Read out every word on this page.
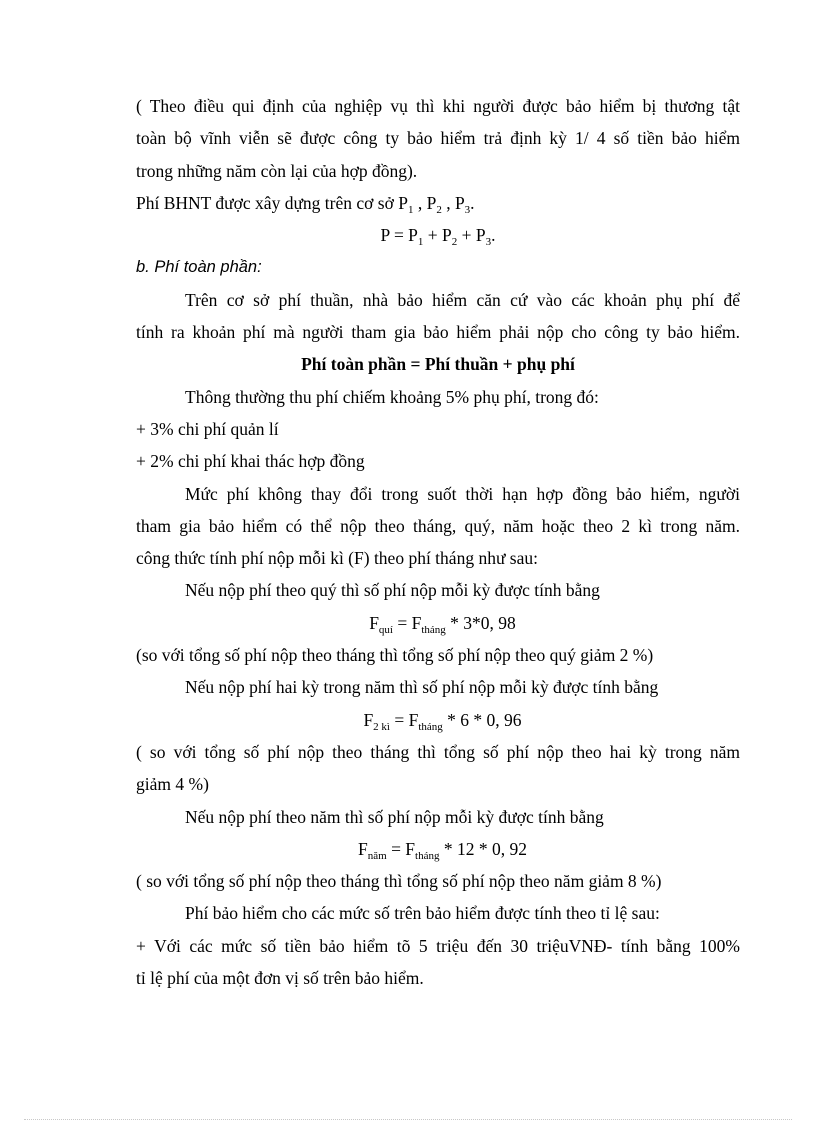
( Theo điều qui định của nghiệp vụ thì khi người được bảo hiểm bị thương tật
toàn bộ vĩnh viễn sẽ được công ty bảo hiểm trả định kỳ 1/ 4 số tiền bảo hiểm
trong những năm còn lại của hợp đồng).
Phí BHNT được xây dựng trên cơ sở $P_1$ , $P_2$ , $P_3$.
$P = P_1 + P_2 + P_3$.
b. Phí toàn phần:
Trên cơ sở phí thuần, nhà bảo hiểm căn cứ vào các khoản phụ phí để
tính ra khoản phí mà người tham gia bảo hiểm phải nộp cho công ty bảo hiểm.
Phí toàn phần = Phí thuần + phụ phí
Thông thường thu phí chiếm khoảng 5% phụ phí, trong đó:
+ 3% chi phí quản lí
+ 2% chi phí khai thác hợp đồng
Mức phí không thay đổi trong suốt thời hạn hợp đồng bảo hiểm, người
tham gia bảo hiểm có thể nộp theo tháng, quý, năm hoặc theo 2 kì trong năm.
công thức tính phí nộp mỗi kì (F) theo phí tháng như sau:
Nếu nộp phí theo quý thì số phí nộp mỗi kỳ được tính bằng
$F_{quí} = F_{tháng} * 3*0$, 98
(so với tổng số phí nộp theo tháng thì tổng số phí nộp theo quý giảm 2 %)
Nếu nộp phí hai kỳ trong năm thì số phí nộp mỗi kỳ được tính bằng
$F_{2 kì} = F_{tháng} * 6 * 0$, 96
( so với tổng số phí nộp theo tháng thì tổng số phí nộp theo hai kỳ trong năm
giảm 4 %)
Nếu nộp phí theo năm thì số phí nộp mỗi kỳ được tính bằng
$F_{năm} = F_{tháng} * 12 * 0$, 92
( so với tổng số phí nộp theo tháng thì tổng số phí nộp theo năm giảm 8 %)
Phí bảo hiểm cho các mức số trên bảo hiểm được tính theo tỉ lệ sau:
+ Với các mức số tiền bảo hiểm tõ 5 triệu đến 30 triệuVNĐ- tính bằng 100%
tỉ lệ phí của một đơn vị số trên bảo hiểm.
